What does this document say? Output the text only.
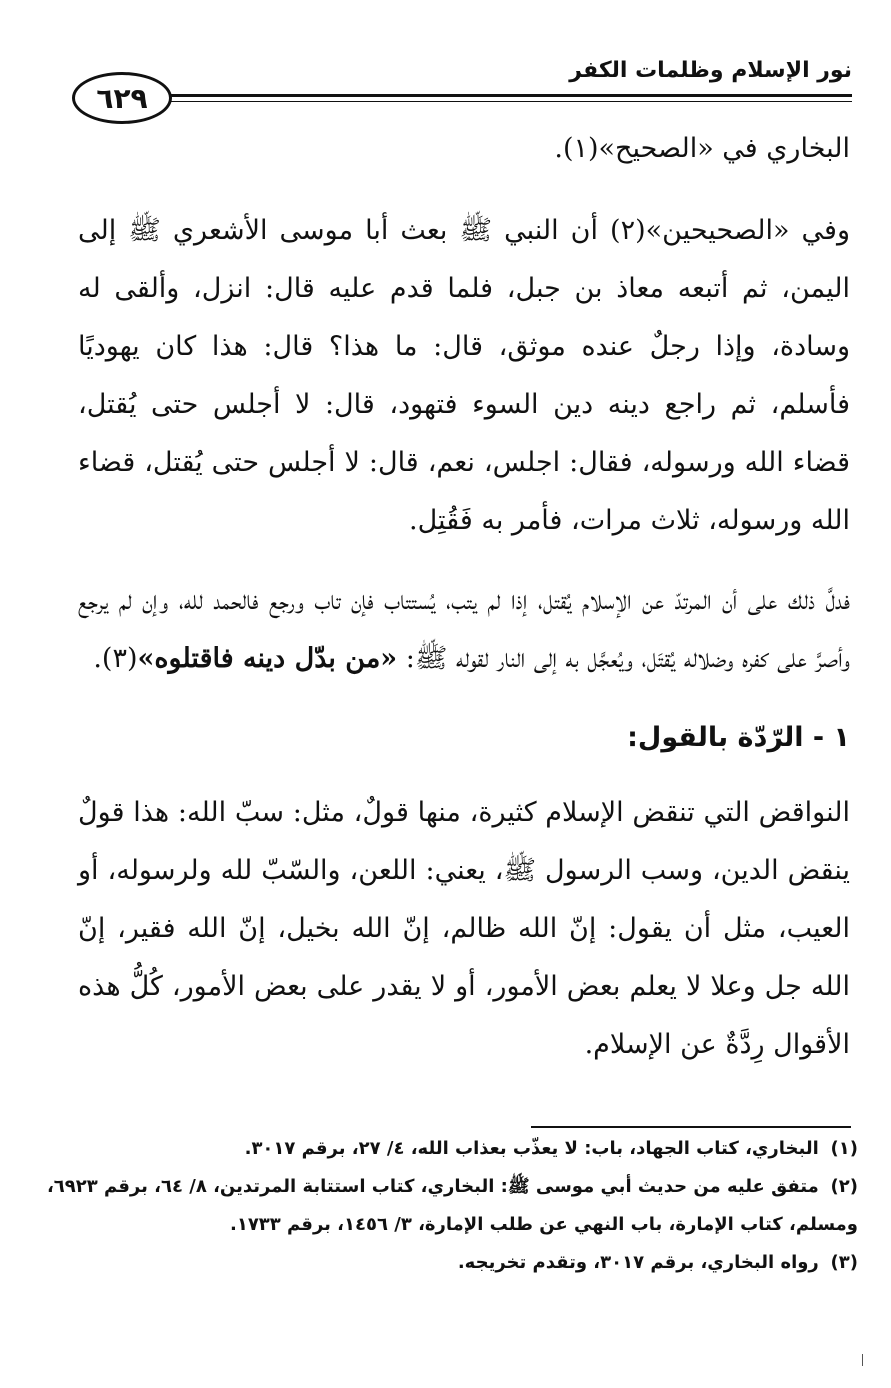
٦٢٩
نور الإسلام وظلمات الكفر

البخاري في «الصحيح»(١).

وفي «الصحيحين»(٢) أن النبي ﷺ بعث أبا موسى الأشعري ﷺ إلى اليمن، ثم أتبعه معاذ بن جبل، فلما قدم عليه قال: انزل، وألقى له وسادة، وإذا رجلٌ عنده موثق، قال: ما هذا؟ قال: هذا كان يهوديًا فأسلم، ثم راجع دينه دين السوء فتهود، قال: لا أجلس حتى يُقتل، قضاء الله ورسوله، فقال: اجلس، نعم، قال: لا أجلس حتى يُقتل، قضاء الله ورسوله، ثلاث مرات، فأمر به فَقُتِل.

فدلَّ ذلك على أن المرتدّ عن الإسلام يُقتل، إذا لم يتب، يُستتاب فإن تاب ورجع فالحمد لله، وإن لم يرجع وأصرَّ على كفره وضلاله يُقتَل، ويُعجَّل به إلى النار لقوله ﷺ: «من بدّل دينه فاقتلوه»(٣).

١ - الرّدّة بالقول:

النواقض التي تنقض الإسلام كثيرة، منها قولٌ، مثل: سبّ الله: هذا قولٌ ينقض الدين، وسب الرسول ﷺ، يعني: اللعن، والسّبّ لله ولرسوله، أو العيب، مثل أن يقول: إنّ الله ظالم، إنّ الله بخيل، إنّ الله فقير، إنّ الله جل وعلا لا يعلم بعض الأمور، أو لا يقدر على بعض الأمور، كُلُّ هذه الأقوال رِدَّةٌ عن الإسلام.

(١) البخاري، كتاب الجهاد، باب: لا يعذّب بعذاب الله، ٤/ ٢٧، برقم ٣٠١٧.

(٢) متفق عليه من حديث أبي موسى ﷺ: البخاري، كتاب استتابة المرتدين، ٨/ ٦٤، برقم ٦٩٢٣، ومسلم، كتاب الإمارة، باب النهي عن طلب الإمارة، ٣/ ١٤٥٦، برقم ١٧٣٣.

(٣) رواه البخاري، برقم ٣٠١٧، وتقدم تخريجه.
